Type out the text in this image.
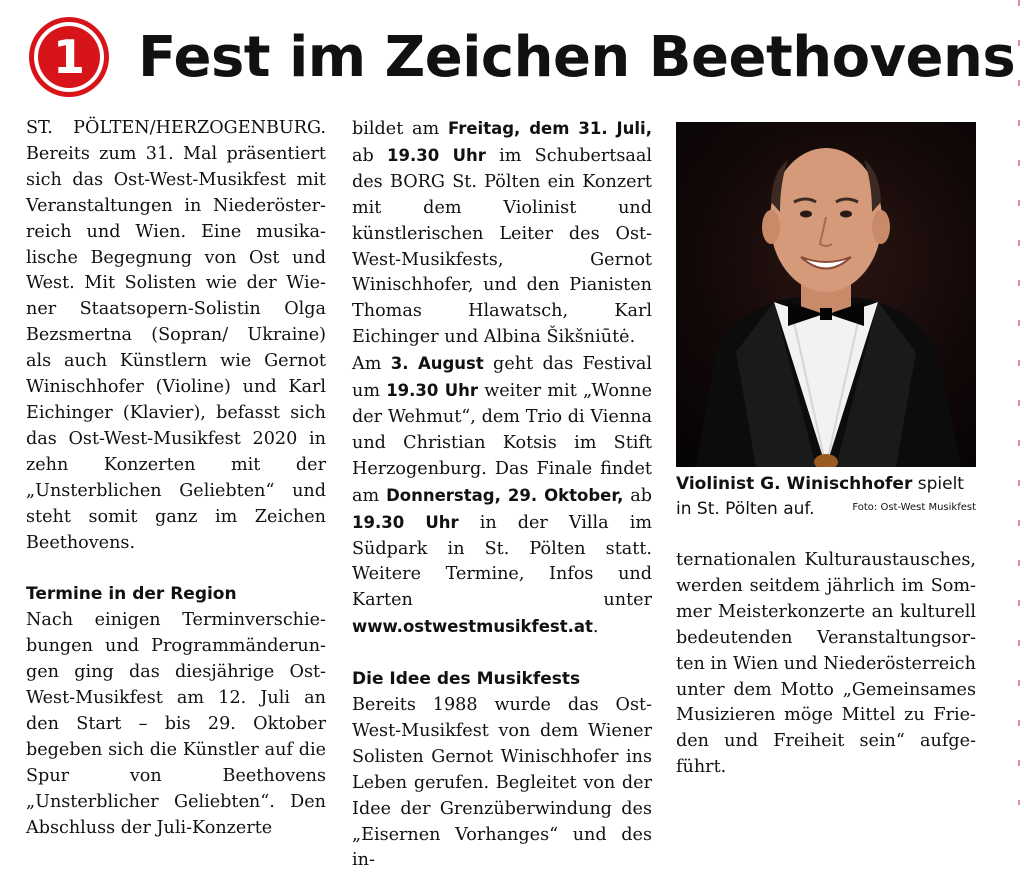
1 Fest im Zeichen Beethovens

ST. PÖLTEN/HERZOGENBURG. Bereits zum 31. Mal präsentiert sich das Ost-West-Musikfest mit Veranstaltungen in Niederösterreich und Wien. Eine musikalische Begegnung von Ost und West. Mit Solisten wie der Wiener Staatsopern-Solistin Olga Bezsmertna (Sopran/ Ukraine) als auch Künstlern wie Gernot Winischhofer (Violine) und Karl Eichinger (Klavier), befasst sich das Ost-West-Musikfest 2020 in zehn Konzerten mit der „Unsterblichen Geliebten“ und steht somit ganz im Zeichen Beethovens.

Termine in der Region

Nach einigen Terminverschiebungen und Programmänderungen ging das diesjährige Ost-West-Musikfest am 12. Juli an den Start – bis 29. Oktober begeben sich die Künstler auf die Spur von Beethovens „Unsterblicher Geliebten“. Den Abschluss der Juli-Konzerte

bildet am Freitag, dem 31. Juli, ab 19.30 Uhr im Schubertsaal des BORG St. Pölten ein Konzert mit dem Violinist und künstlerischen Leiter des Ost-West-Musikfests, Gernot Winischhofer, und den Pianisten Thomas Hlawatsch, Karl Eichinger und Albina Šikšniūtė.

Am 3. August geht das Festival um 19.30 Uhr weiter mit „Wonne der Wehmut“, dem Trio di Vienna und Christian Kotsis im Stift Herzogenburg. Das Finale findet am Donnerstag, 29. Oktober, ab 19.30 Uhr in der Villa im Südpark in St. Pölten statt. Weitere Termine, Infos und Karten unter www.ostwestmusikfest.at.

Die Idee des Musikfests

Bereits 1988 wurde das Ost-West-Musikfest von dem Wiener Solisten Gernot Winischhofer ins Leben gerufen. Begleitet von der Idee der Grenzüberwindung des „Eisernen Vorhanges“ und des in-

Violinist G. Winischhofer spielt in St. Pölten auf.	Foto: Ost-West Musikfest

ternationalen Kulturaustausches, werden seitdem jährlich im Sommer Meisterkonzerte an kulturell bedeutenden Veranstaltungsorten in Wien und Niederösterreich unter dem Motto „Gemeinsames Musizieren möge Mittel zu Frieden und Freiheit sein“ aufgeführt.
